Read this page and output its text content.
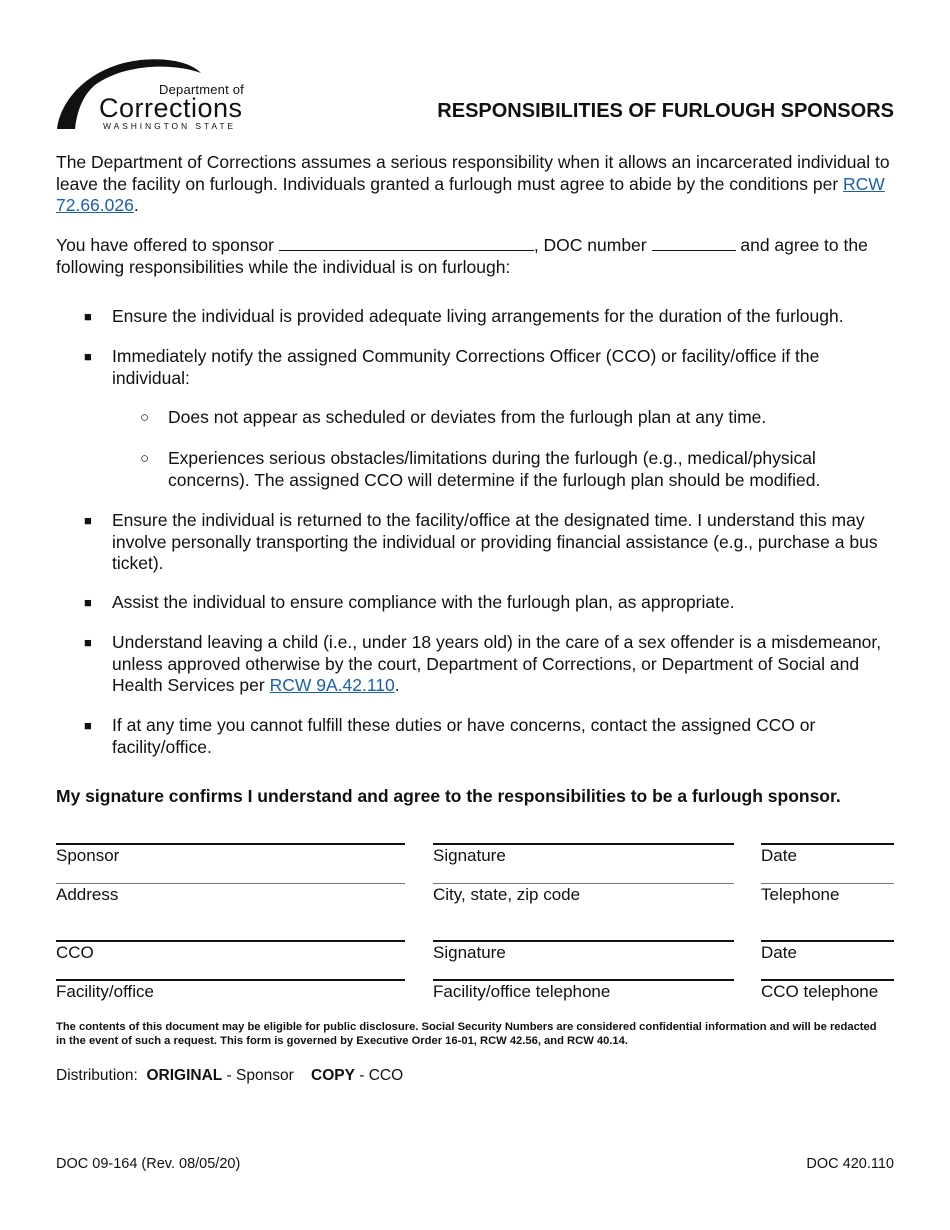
Department of
Corrections
WASHINGTON STATE
RESPONSIBILITIES OF FURLOUGH SPONSORS
The Department of Corrections assumes a serious responsibility when it allows an incarcerated individual to leave the facility on furlough. Individuals granted a furlough must agree to abide by the conditions per RCW 72.66.026.
You have offered to sponsor	, DOC number	and agree to the following responsibilities while the individual is on furlough:
■ Ensure the individual is provided adequate living arrangements for the duration of the furlough.
■ Immediately notify the assigned Community Corrections Officer (CCO) or facility/office if the individual:
○ Does not appear as scheduled or deviates from the furlough plan at any time.
○ Experiences serious obstacles/limitations during the furlough (e.g., medical/physical concerns). The assigned CCO will determine if the furlough plan should be modified.
■ Ensure the individual is returned to the facility/office at the designated time. I understand this may involve personally transporting the individual or providing financial assistance (e.g., purchase a bus ticket).
■ Assist the individual to ensure compliance with the furlough plan, as appropriate.
■ Understand leaving a child (i.e., under 18 years old) in the care of a sex offender is a misdemeanor, unless approved otherwise by the court, Department of Corrections, or Department of Social and Health Services per RCW 9A.42.110.
■ If at any time you cannot fulfill these duties or have concerns, contact the assigned CCO or facility/office.
My signature confirms I understand and agree to the responsibilities to be a furlough sponsor.
Sponsor	Signature	Date
Address	City, state, zip code	Telephone
CCO	Signature	Date
Facility/office	Facility/office telephone	CCO telephone
The contents of this document may be eligible for public disclosure. Social Security Numbers are considered confidential information and will be redacted in the event of such a request. This form is governed by Executive Order 16-01, RCW 42.56, and RCW 40.14.
Distribution: ORIGINAL - Sponsor COPY - CCO
DOC 09-164 (Rev. 08/05/20)	DOC 420.110
